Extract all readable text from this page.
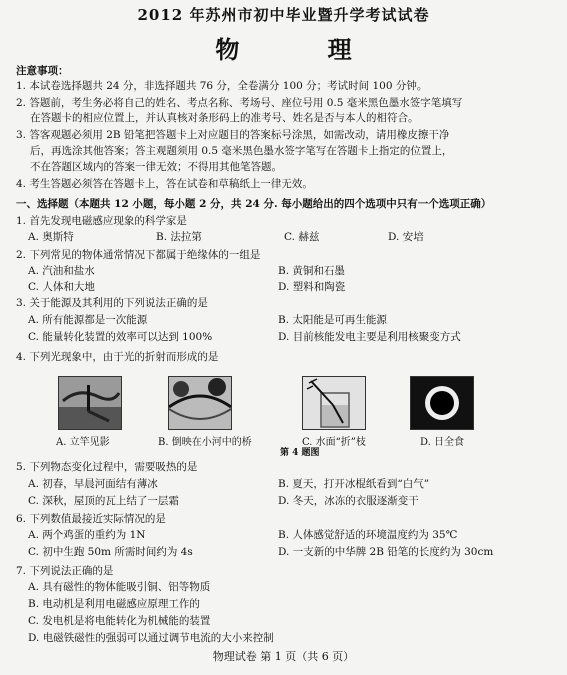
2012 年苏州市初中毕业暨升学考试试卷
物 理
注意事项：
1. 本试卷选择题共 24 分，非选择题共 76 分，全卷满分 100 分；考试时间 100 分钟。
2. 答题前，考生务必将自己的姓名、考点名称、考场号、座位号用 0.5 毫米黑色墨水签字笔填写
在答题卡的相应位置上，并认真核对条形码上的准考号、姓名是否与本人的相符合。
3. 答客观题必须用 2B 铅笔把答题卡上对应题目的答案标号涂黑，如需改动，请用橡皮擦干净
后，再选涂其他答案；答主观题须用 0.5 毫米黑色墨水签字笔写在答题卡上指定的位置上，
不在答题区域内的答案一律无效；不得用其他笔答题。
4. 考生答题必须答在答题卡上，答在试卷和草稿纸上一律无效。
一、选择题（本题共 12 小题，每小题 2 分，共 24 分. 每小题给出的四个选项中只有一个选项正确）
1. 首先发现电磁感应现象的科学家是
A. 奥斯特	B. 法拉第	C. 赫兹	D. 安培
2. 下列常见的物体通常情况下都属于绝缘体的一组是
A. 汽油和盐水	B. 黄铜和石墨
C. 人体和大地	D. 塑料和陶瓷
3. 关于能源及其利用的下列说法正确的是
A. 所有能源都是一次能源	B. 太阳能是可再生能源
C. 能量转化装置的效率可以达到 100%	D. 目前核能发电主要是利用核聚变方式
4. 下列光现象中，由于光的折射而形成的是
A. 立竿见影	B. 倒映在小河中的桥	C. 水面“折”枝	D. 日全食
第 4 题图
5. 下列物态变化过程中，需要吸热的是
A. 初春，早晨河面结有薄冰	B. 夏天，打开冰棍纸看到“白气”
C. 深秋，屋顶的瓦上结了一层霜	D. 冬天，冰冻的衣服逐渐变干
6. 下列数值最接近实际情况的是
A. 两个鸡蛋的重约为 1N	B. 人体感觉舒适的环境温度约为 35℃
C. 初中生跑 50m 所需时间约为 4s	D. 一支新的中华牌 2B 铅笔的长度约为 30cm
7. 下列说法正确的是
A. 具有磁性的物体能吸引铜、铝等物质
B. 电动机是利用电磁感应原理工作的
C. 发电机是将电能转化为机械能的装置
D. 电磁铁磁性的强弱可以通过调节电流的大小来控制
物理试卷 第 1 页（共 6 页）
